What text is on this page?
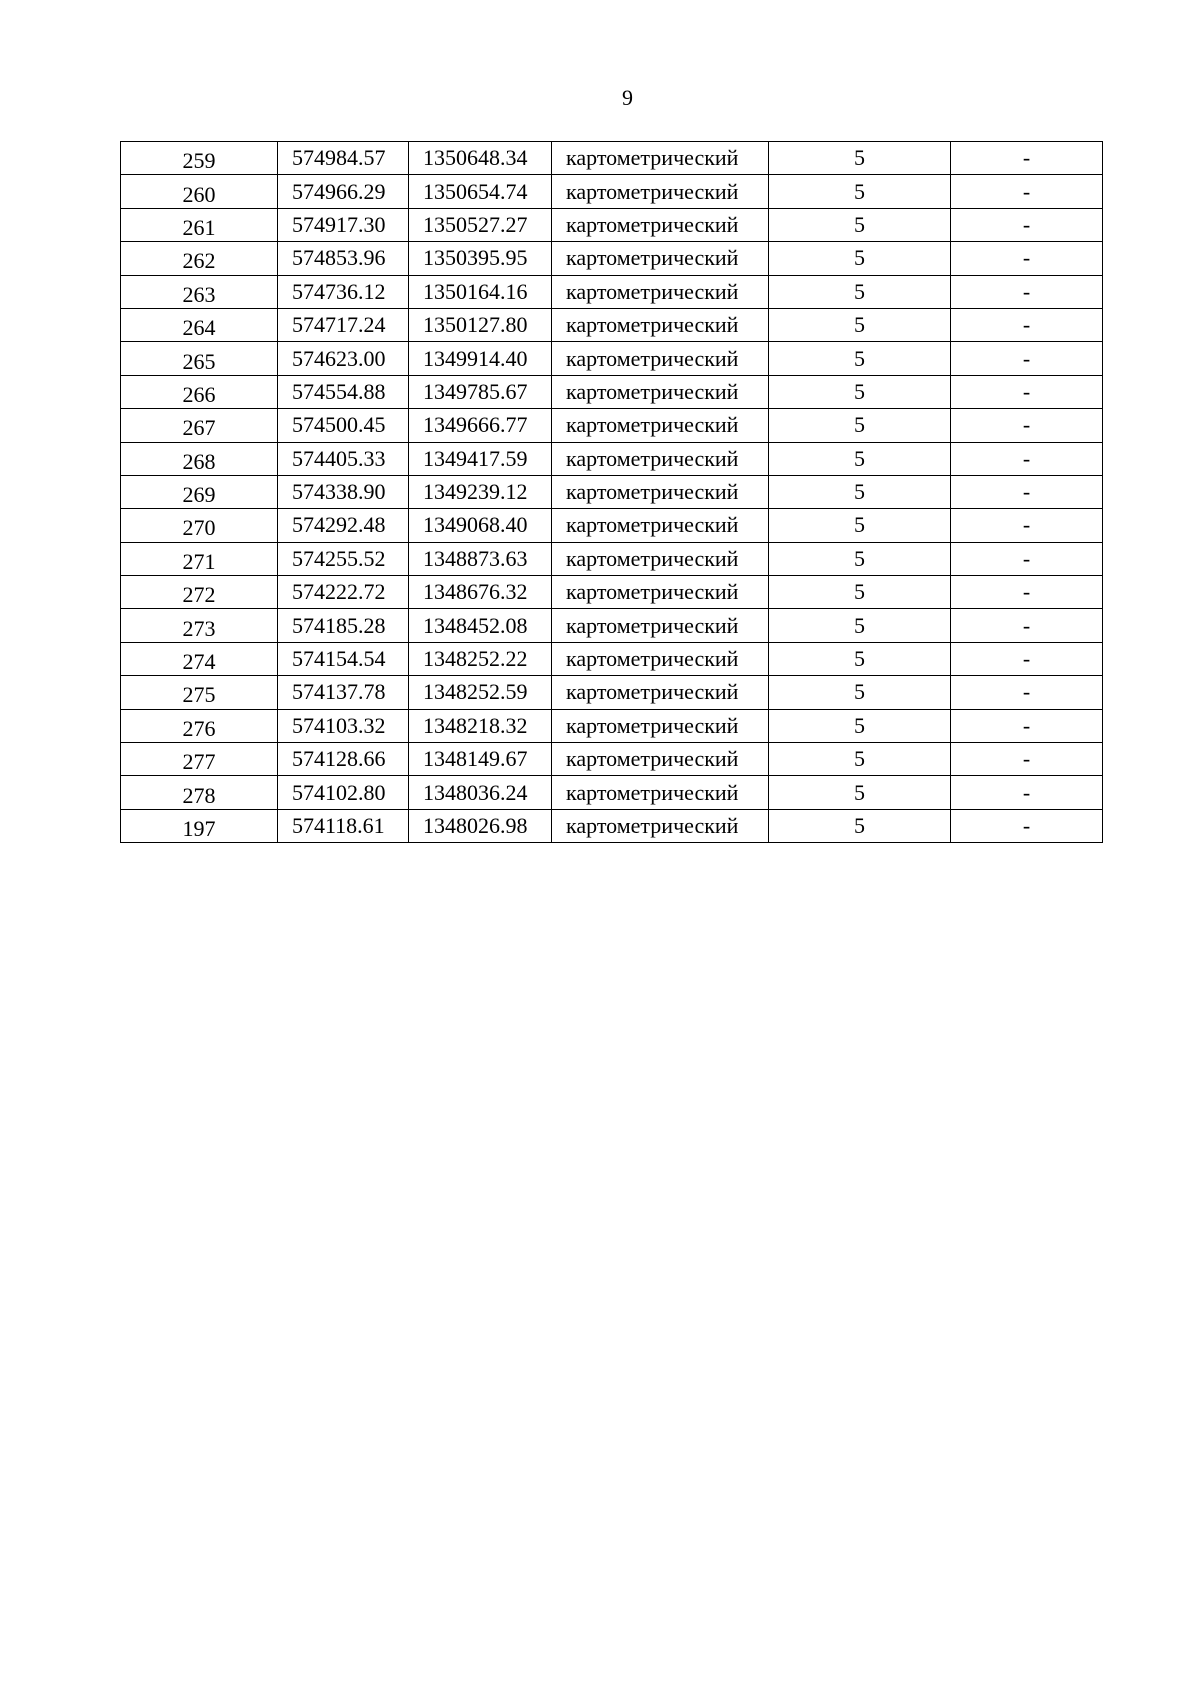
9
259	574984.57	1350648.34	картометрический	5	-
260	574966.29	1350654.74	картометрический	5	-
261	574917.30	1350527.27	картометрический	5	-
262	574853.96	1350395.95	картометрический	5	-
263	574736.12	1350164.16	картометрический	5	-
264	574717.24	1350127.80	картометрический	5	-
265	574623.00	1349914.40	картометрический	5	-
266	574554.88	1349785.67	картометрический	5	-
267	574500.45	1349666.77	картометрический	5	-
268	574405.33	1349417.59	картометрический	5	-
269	574338.90	1349239.12	картометрический	5	-
270	574292.48	1349068.40	картометрический	5	-
271	574255.52	1348873.63	картометрический	5	-
272	574222.72	1348676.32	картометрический	5	-
273	574185.28	1348452.08	картометрический	5	-
274	574154.54	1348252.22	картометрический	5	-
275	574137.78	1348252.59	картометрический	5	-
276	574103.32	1348218.32	картометрический	5	-
277	574128.66	1348149.67	картометрический	5	-
278	574102.80	1348036.24	картометрический	5	-
197	574118.61	1348026.98	картометрический	5	-
